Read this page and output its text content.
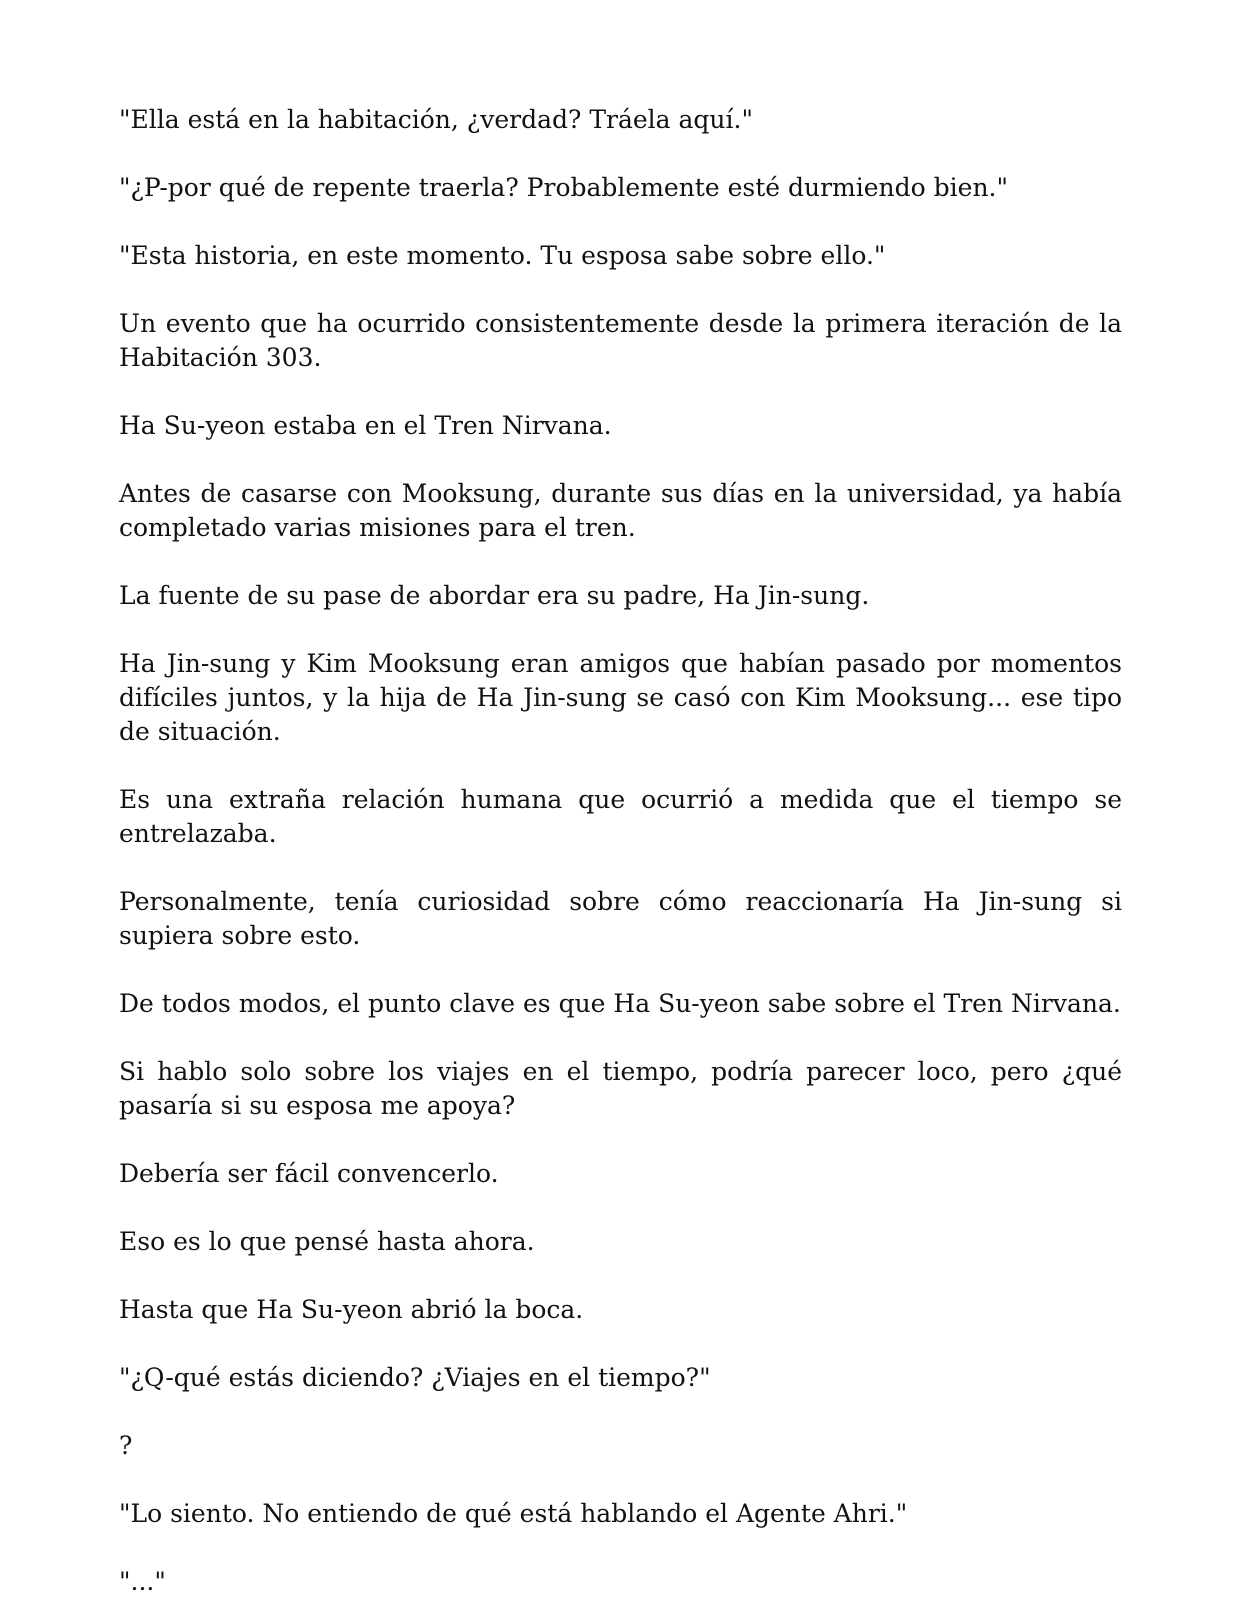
"Ella está en la habitación, ¿verdad? Tráela aquí."

"¿P-por qué de repente traerla? Probablemente esté durmiendo bien."

"Esta historia, en este momento. Tu esposa sabe sobre ello."

Un evento que ha ocurrido consistentemente desde la primera iteración de la Habitación 303.

Ha Su-yeon estaba en el Tren Nirvana.

Antes de casarse con Mooksung, durante sus días en la universidad, ya había completado varias misiones para el tren.

La fuente de su pase de abordar era su padre, Ha Jin-sung.

Ha Jin-sung y Kim Mooksung eran amigos que habían pasado por momentos difíciles juntos, y la hija de Ha Jin-sung se casó con Kim Mooksung... ese tipo de situación.

Es una extraña relación humana que ocurrió a medida que el tiempo se entrelazaba.

Personalmente, tenía curiosidad sobre cómo reaccionaría Ha Jin-sung si supiera sobre esto.

De todos modos, el punto clave es que Ha Su-yeon sabe sobre el Tren Nirvana.

Si hablo solo sobre los viajes en el tiempo, podría parecer loco, pero ¿qué pasaría si su esposa me apoya?

Debería ser fácil convencerlo.

Eso es lo que pensé hasta ahora.

Hasta que Ha Su-yeon abrió la boca.

"¿Q-qué estás diciendo? ¿Viajes en el tiempo?"

?

"Lo siento. No entiendo de qué está hablando el Agente Ahri."

"..."
